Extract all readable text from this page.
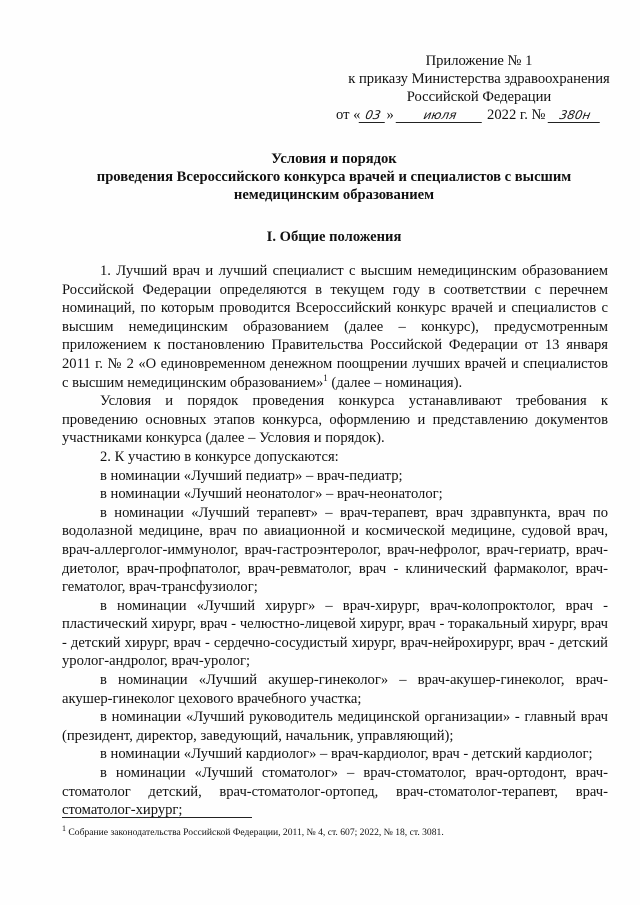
Приложение № 1
к приказу Министерства здравоохранения
Российской Федерации
от « 03 » июля 2022 г. № 380н
Условия и порядок
проведения Всероссийского конкурса врачей и специалистов с высшим немедицинским образованием
I. Общие положения

1. Лучший врач и лучший специалист с высшим немедицинским образованием Российской Федерации определяются в текущем году в соответствии с перечнем номинаций, по которым проводится Всероссийский конкурс врачей и специалистов с высшим немедицинским образованием (далее – конкурс), предусмотренным приложением к постановлению Правительства Российской Федерации от 13 января 2011 г. № 2 «О единовременном денежном поощрении лучших врачей и специалистов с высшим немедицинским образованием»$^1$ (далее – номинация).

Условия и порядок проведения конкурса устанавливают требования к проведению основных этапов конкурса, оформлению и представлению документов участниками конкурса (далее – Условия и порядок).

2. К участию в конкурсе допускаются:

в номинации «Лучший педиатр» – врач-педиатр;

в номинации «Лучший неонатолог» – врач-неонатолог;

в номинации «Лучший терапевт» – врач-терапевт, врач здравпункта, врач по водолазной медицине, врач по авиационной и космической медицине, судовой врач, врач-аллерголог-иммунолог, врач-гастроэнтеролог, врач-нефролог, врач-гериатр, врач-диетолог, врач-профпатолог, врач-ревматолог, врач - клинический фармаколог, врач-гематолог, врач-трансфузиолог;

в номинации «Лучший хирург» – врач-хирург, врач-колопроктолог, врач - пластический хирург, врач - челюстно-лицевой хирург, врач - торакальный хирург, врач - детский хирург, врач - сердечно-сосудистый хирург, врач-нейрохирург, врач - детский уролог-андролог, врач-уролог;

в номинации «Лучший акушер-гинеколог» – врач-акушер-гинеколог, врач-акушер-гинеколог цехового врачебного участка;

в номинации «Лучший руководитель медицинской организации» - главный врач (президент, директор, заведующий, начальник, управляющий);

в номинации «Лучший кардиолог» – врач-кардиолог, врач - детский кардиолог;

в номинации «Лучший стоматолог» – врач-стоматолог, врач-ортодонт, врач-стоматолог детский, врач-стоматолог-ортопед, врач-стоматолог-терапевт, врач-стоматолог-хирург;

$^1$ Собрание законодательства Российской Федерации, 2011, № 4, ст. 607; 2022, № 18, ст. 3081.
